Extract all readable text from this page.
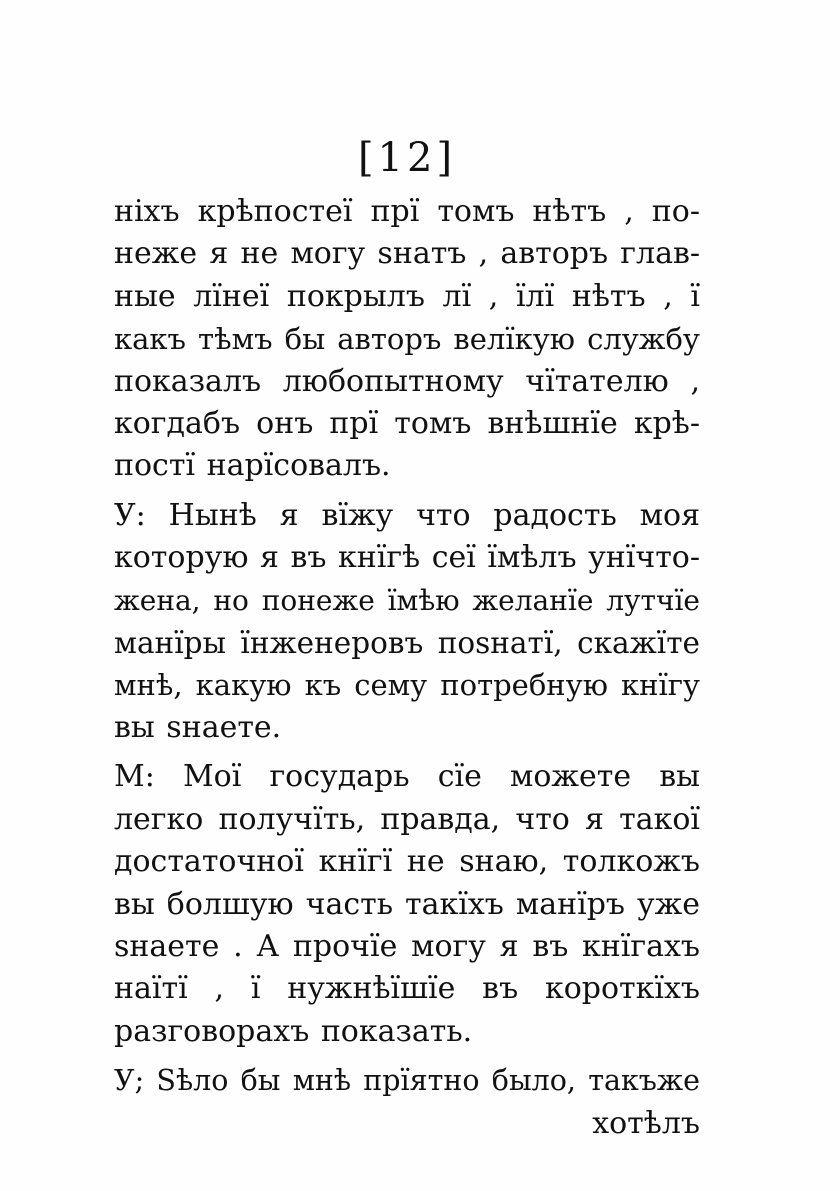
[12]
ніхъ крѣпостеї прї томъ нѣтъ , по-
неже я не могу ѕнатъ , авторъ глав-
ные лїнеї покрылъ лї , їлї нѣтъ , ї
какъ тѣмъ бы авторъ велїкую службу
показалъ любопытному чїтателю ,
когдабъ онъ прї томъ внѣшнїе крѣ-
постї нарїсовалъ.
У: Нынѣ я вїжу что радость моя
которую я въ кнїгѣ сеї їмѣлъ унїчто-
жена, но понеже їмѣю желанїе лутчїе
манїры їнженеровъ поѕнатї, скажїте
мнѣ, какую къ сему потребную кнїгу
вы ѕнаете.
М: Моï государь сїе можете вы
легко получїть, правда, что я такої
достаточної кнїгї не ѕнаю, толкожъ
вы болшую часть такїхъ манїръ уже
ѕнаете . А прочїе могу я въ кнїгахъ
наїтї , ї нужнѣїшїе въ короткїхъ
разговорахъ показать.
У; Ѕѣло бы мнѣ прїятно было, такъже
хотѣлъ
